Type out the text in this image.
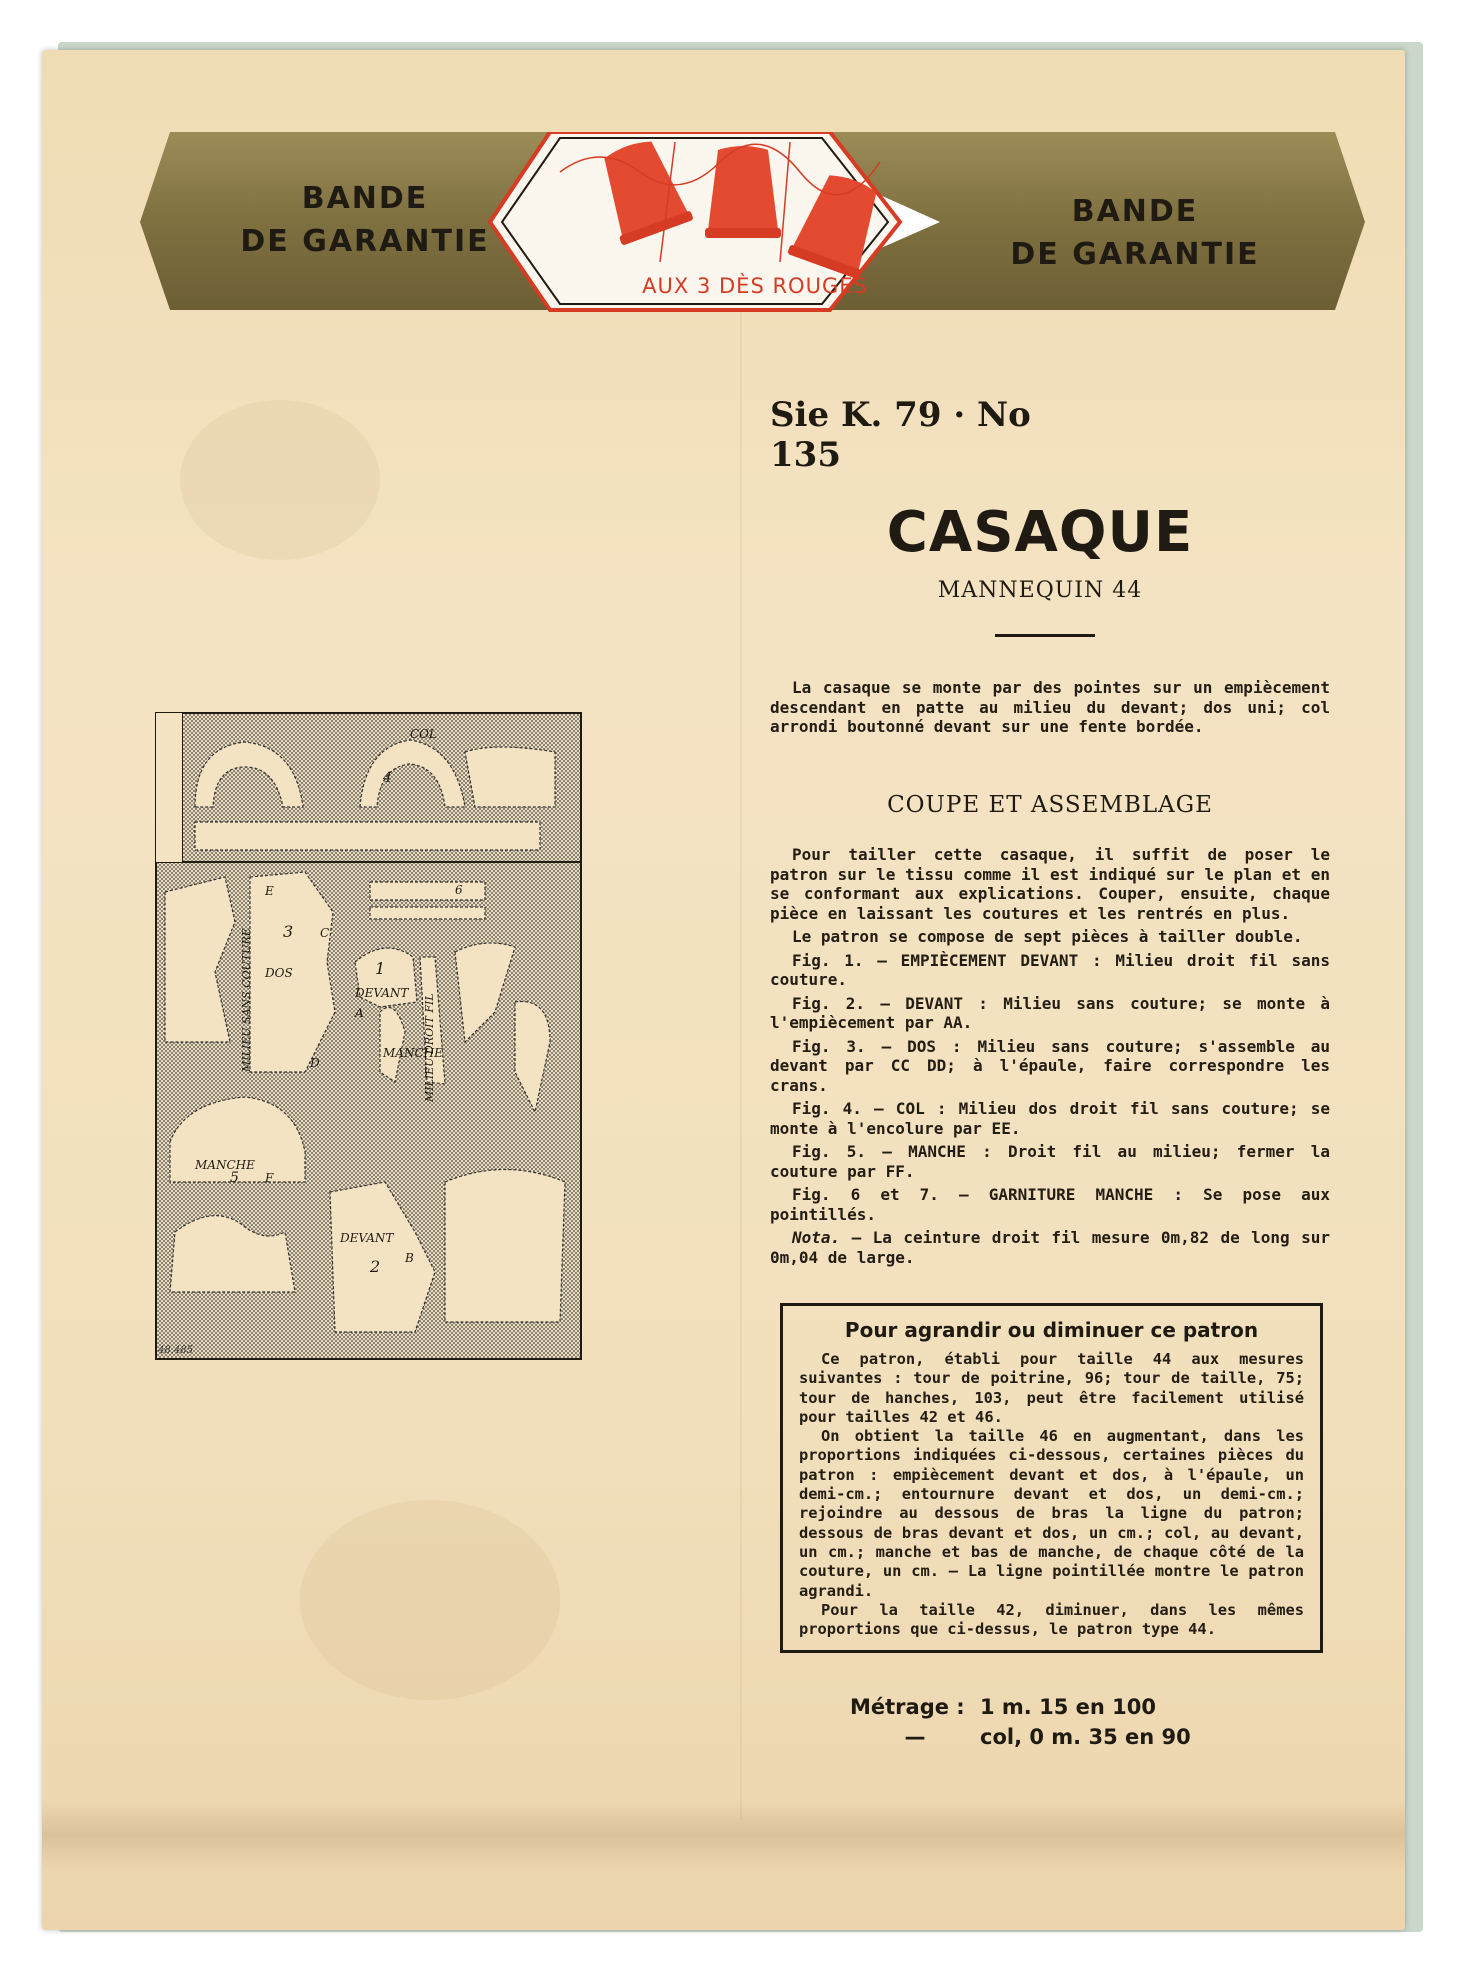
BANDE
DE GARANTIE
BANDE
DE GARANTIE
AUX 3 DÈS ROUGES
Sie K. 79 · No 135
CASAQUE
MANNEQUIN 44

La casaque se monte par des pointes sur un empiècement descendant en patte au milieu du devant; dos uni; col arrondi boutonné devant sur une fente bordée.

COUPE ET ASSEMBLAGE

Pour tailler cette casaque, il suffit de poser le patron sur le tissu comme il est indiqué sur le plan et en se conformant aux explications. Couper, ensuite, chaque pièce en laissant les coutures et les rentrés en plus.

Le patron se compose de sept pièces à tailler double.

Fig. 1. — EMPIÈCEMENT DEVANT : Milieu droit fil sans couture.

Fig. 2. — DEVANT : Milieu sans couture; se monte à l'empiècement par AA.

Fig. 3. — DOS : Milieu sans couture; s'assemble au devant par CC DD; à l'épaule, faire correspondre les crans.

Fig. 4. — COL : Milieu dos droit fil sans couture; se monte à l'encolure par EE.

Fig. 5. — MANCHE : Droit fil au milieu; fermer la couture par FF.

Fig. 6 et 7. — GARNITURE MANCHE : Se pose aux pointillés.

Nota. — La ceinture droit fil mesure 0m,82 de long sur 0m,04 de large.

Pour agrandir ou diminuer ce patron

Ce patron, établi pour taille 44 aux mesures suivantes : tour de poitrine, 96; tour de taille, 75; tour de hanches, 103, peut être facilement utilisé pour tailles 42 et 46.

On obtient la taille 46 en augmentant, dans les proportions indiquées ci-dessous, certaines pièces du patron : empiècement devant et dos, à l'épaule, un demi-cm.; entournure devant et dos, un demi-cm.; rejoindre au dessous de bras la ligne du patron; dessous de bras devant et dos, un cm.; col, au devant, un cm.; manche et bas de manche, de chaque côté de la couture, un cm. — La ligne pointillée montre le patron agrandi.

Pour la taille 42, diminuer, dans les mêmes proportions que ci-dessus, le patron type 44.

Métrage : 1 m. 15 en 100
—	col, 0 m. 35 en 90
COL
DOS
DEVANT
MANCHE
MANCHE
DEVANT
3
2
1
4
5
6
E
C
D
A
B
F
MILIEU SANS COUTURE	MILIEU DROIT FIL
48.485
